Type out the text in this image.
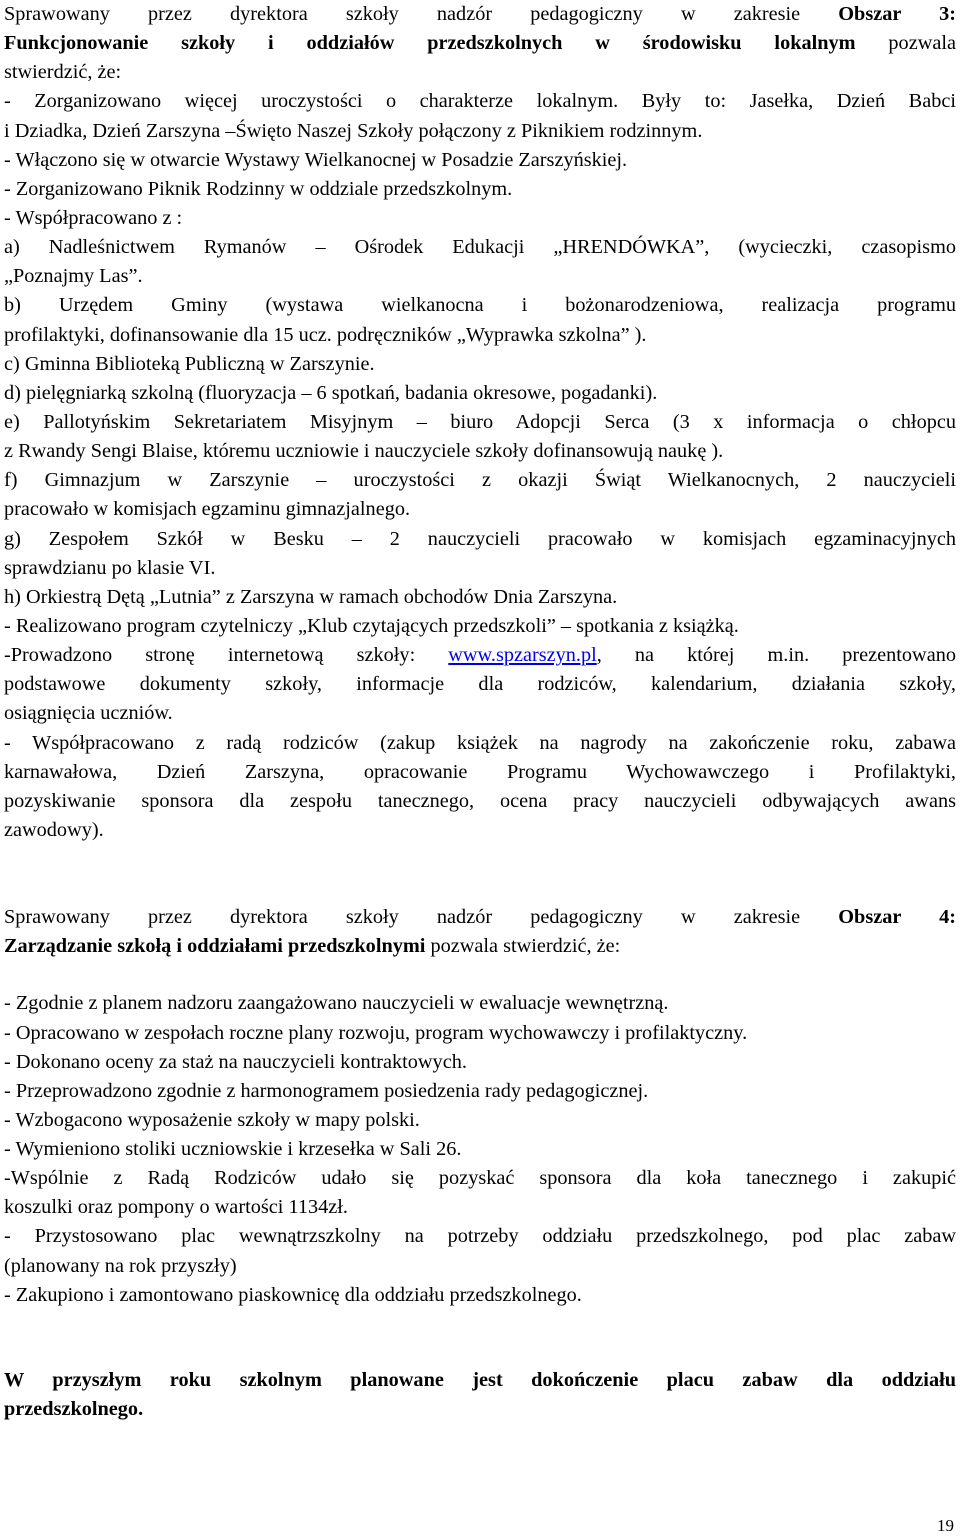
Sprawowany przez dyrektora szkoły nadzór pedagogiczny w zakresie Obszar 3:

Funkcjonowanie szkoły i oddziałów przedszkolnych w środowisku lokalnym pozwala

stwierdzić, że:

- Zorganizowano więcej uroczystości o charakterze lokalnym. Były to: Jasełka, Dzień Babci

i Dziadka, Dzień Zarszyna –Święto Naszej Szkoły połączony z Piknikiem rodzinnym.

- Włączono się w otwarcie Wystawy Wielkanocnej w Posadzie Zarszyńskiej.

- Zorganizowano Piknik Rodzinny w oddziale przedszkolnym.

- Współpracowano z :

a) Nadleśnictwem Rymanów – Ośrodek Edukacji „HRENDÓWKA”, (wycieczki, czasopismo

„Poznajmy Las”.

b) Urzędem Gminy (wystawa wielkanocna i bożonarodzeniowa, realizacja programu

profilaktyki, dofinansowanie dla 15 ucz. podręczników „Wyprawka szkolna” ).

c) Gminna Biblioteką Publiczną w Zarszynie.

d) pielęgniarką szkolną (fluoryzacja – 6 spotkań, badania okresowe, pogadanki).

e) Pallotyńskim Sekretariatem Misyjnym – biuro Adopcji Serca (3 x informacja o chłopcu

z Rwandy Sengi Blaise, któremu uczniowie i nauczyciele szkoły dofinansowują naukę ).

f) Gimnazjum w Zarszynie – uroczystości z okazji Świąt Wielkanocnych, 2 nauczycieli

pracowało w komisjach egzaminu gimnazjalnego.

g) Zespołem Szkół w Besku – 2 nauczycieli pracowało w komisjach egzaminacyjnych

sprawdzianu po klasie VI.

h) Orkiestrą Dętą „Lutnia” z Zarszyna w ramach obchodów Dnia Zarszyna.

- Realizowano program czytelniczy „Klub czytających przedszkoli” – spotkania z książką.

-Prowadzono stronę internetową szkoły: www.spzarszyn.pl, na której m.in. prezentowano

podstawowe dokumenty szkoły, informacje dla rodziców, kalendarium, działania szkoły,

osiągnięcia uczniów.

- Współpracowano z radą rodziców (zakup książek na nagrody na zakończenie roku, zabawa

karnawałowa, Dzień Zarszyna, opracowanie Programu Wychowawczego i Profilaktyki,

pozyskiwanie sponsora dla zespołu tanecznego, ocena pracy nauczycieli odbywających awans

zawodowy).

Sprawowany przez dyrektora szkoły nadzór pedagogiczny w zakresie Obszar 4:

Zarządzanie szkołą i oddziałami przedszkolnymi pozwala stwierdzić, że:

- Zgodnie z planem nadzoru zaangażowano nauczycieli w ewaluacje wewnętrzną.

- Opracowano w zespołach roczne plany rozwoju, program wychowawczy i profilaktyczny.

- Dokonano oceny za staż na nauczycieli kontraktowych.

- Przeprowadzono zgodnie z harmonogramem posiedzenia rady pedagogicznej.

- Wzbogacono wyposażenie szkoły w mapy polski.

- Wymieniono stoliki uczniowskie i krzesełka w Sali 26.

-Wspólnie z Radą Rodziców udało się pozyskać sponsora dla koła tanecznego i zakupić

koszulki oraz pompony o wartości 1134zł.

- Przystosowano plac wewnątrzszkolny na potrzeby oddziału przedszkolnego, pod plac zabaw

(planowany na rok przyszły)

- Zakupiono i zamontowano piaskownicę dla oddziału przedszkolnego.

W przyszłym roku szkolnym planowane jest dokończenie placu zabaw dla oddziału

przedszkolnego.

19
